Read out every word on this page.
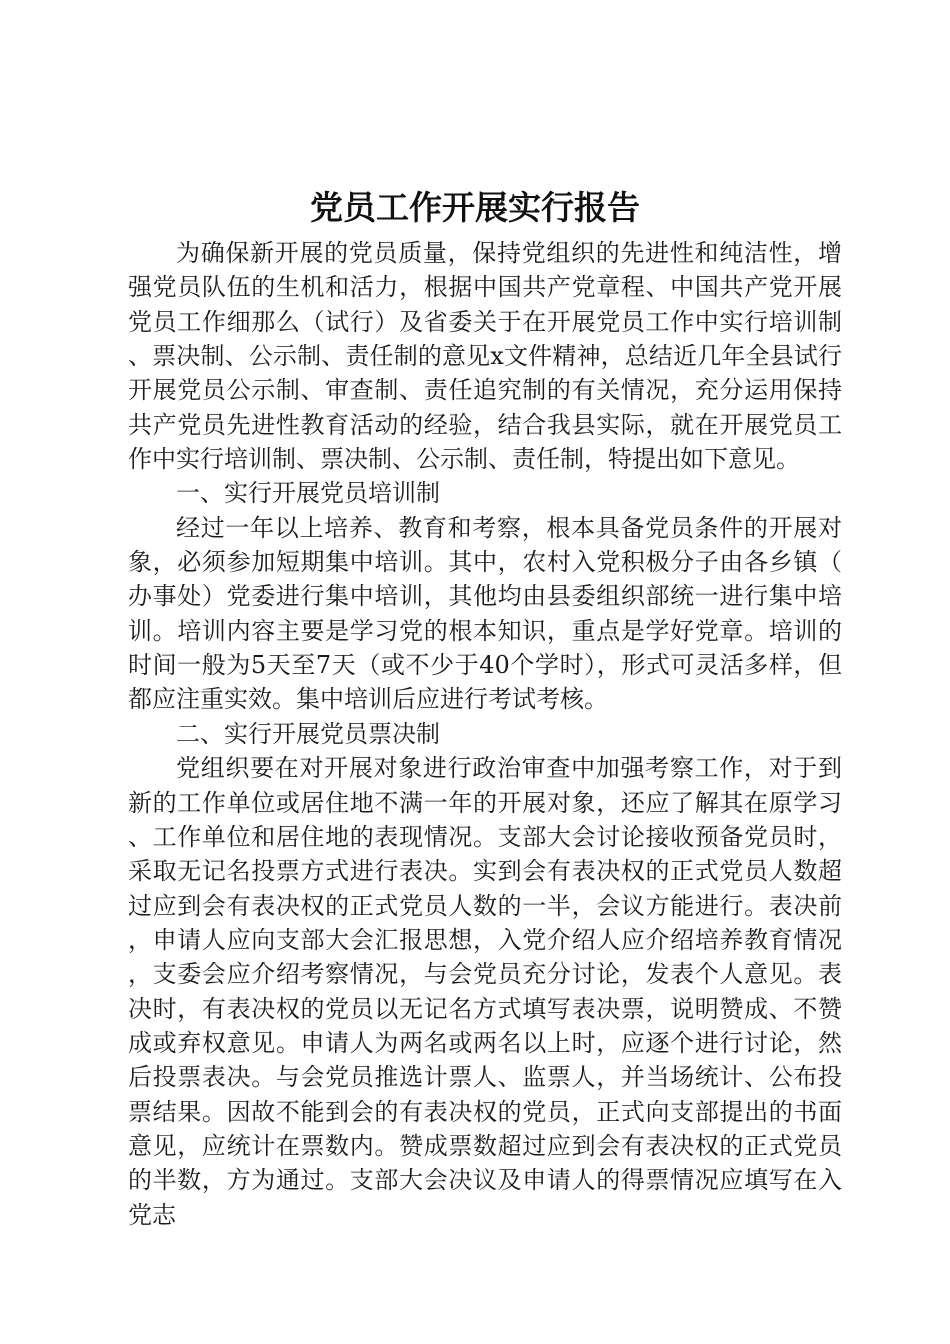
党员工作开展实行报告

为确保新开展的党员质量，保持党组织的先进性和纯洁性，增强党员队伍的生机和活力，根据中国共产党章程、中国共产党开展党员工作细那么（试行）及省委关于在开展党员工作中实行培训制、票决制、公示制、责任制的意见x文件精神，总结近几年全县试行开展党员公示制、审查制、责任追究制的有关情况，充分运用保持共产党员先进性教育活动的经验，结合我县实际，就在开展党员工作中实行培训制、票决制、公示制、责任制，特提出如下意见。

一、实行开展党员培训制

经过一年以上培养、教育和考察，根本具备党员条件的开展对象，必须参加短期集中培训。其中，农村入党积极分子由各乡镇（办事处）党委进行集中培训，其他均由县委组织部统一进行集中培训。培训内容主要是学习党的根本知识，重点是学好党章。培训的时间一般为5天至7天（或不少于40个学时），形式可灵活多样，但都应注重实效。集中培训后应进行考试考核。

二、实行开展党员票决制

党组织要在对开展对象进行政治审查中加强考察工作，对于到新的工作单位或居住地不满一年的开展对象，还应了解其在原学习、工作单位和居住地的表现情况。支部大会讨论接收预备党员时，采取无记名投票方式进行表决。实到会有表决权的正式党员人数超过应到会有表决权的正式党员人数的一半，会议方能进行。表决前，申请人应向支部大会汇报思想，入党介绍人应介绍培养教育情况，支委会应介绍考察情况，与会党员充分讨论，发表个人意见。表决时，有表决权的党员以无记名方式填写表决票，说明赞成、不赞成或弃权意见。申请人为两名或两名以上时，应逐个进行讨论，然后投票表决。与会党员推选计票人、监票人，并当场统计、公布投票结果。因故不能到会的有表决权的党员，正式向支部提出的书面意见，应统计在票数内。赞成票数超过应到会有表决权的正式党员的半数，方为通过。支部大会决议及申请人的得票情况应填写在入党志
